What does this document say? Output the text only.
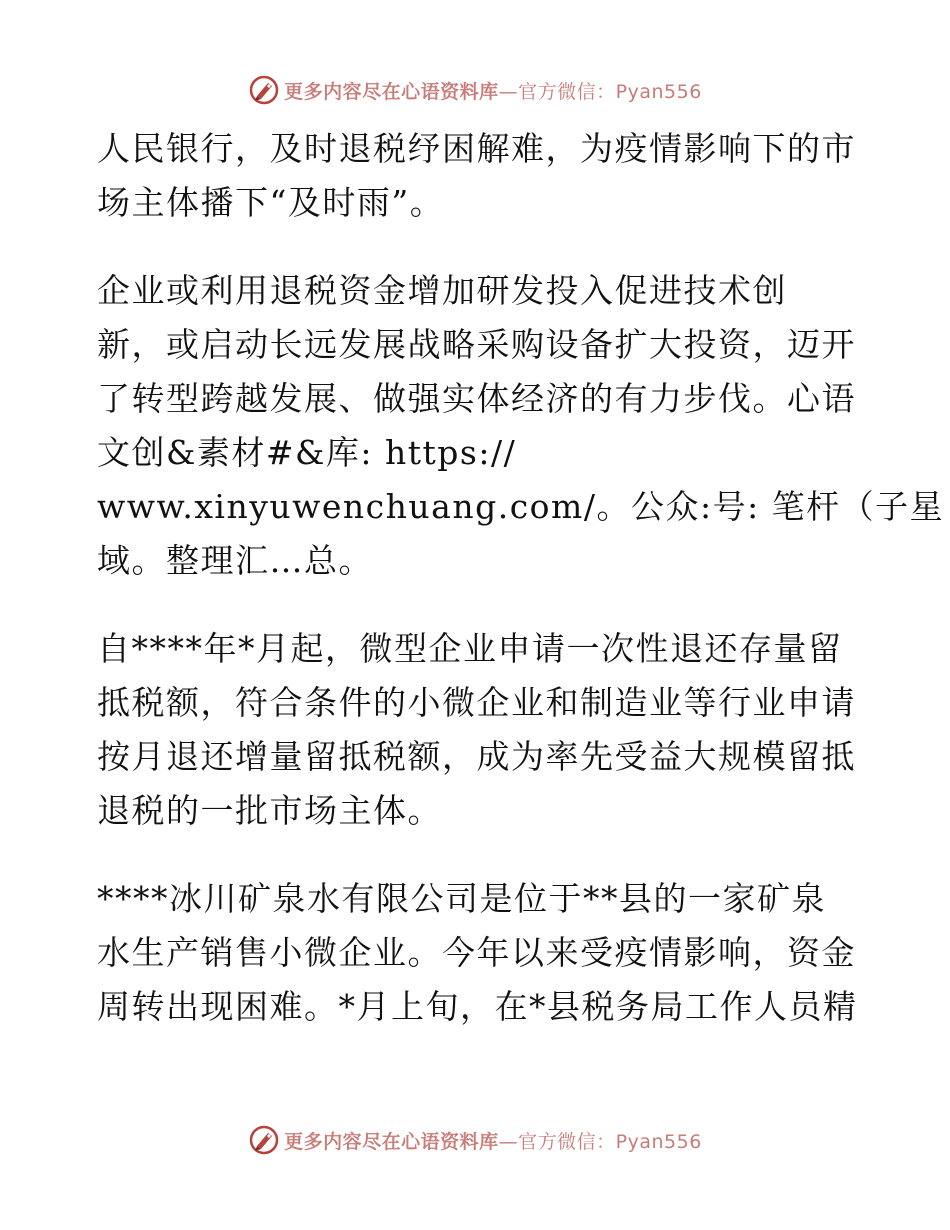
更多内容尽在心语资料库—官方微信：Pyan556

人民银行，及时退税纾困解难，为疫情影响下的市
场主体播下“及时雨”。

企业或利用退税资金增加研发投入促进技术创
新，或启动长远发展战略采购设备扩大投资，迈开
了转型跨越发展、做强实体经济的有力步伐。心语
文创&素材#&库: https://
www.xinyuwenchuang.com/。公众:号: 笔杆（子星
域。整理汇…总。

自****年*月起，微型企业申请一次性退还存量留
抵税额，符合条件的小微企业和制造业等行业申请
按月退还增量留抵税额，成为率先受益大规模留抵
退税的一批市场主体。

****冰川矿泉水有限公司是位于**县的一家矿泉
水生产销售小微企业。今年以来受疫情影响，资金
周转出现困难。*月上旬，在*县税务局工作人员精

更多内容尽在心语资料库—官方微信：Pyan556
